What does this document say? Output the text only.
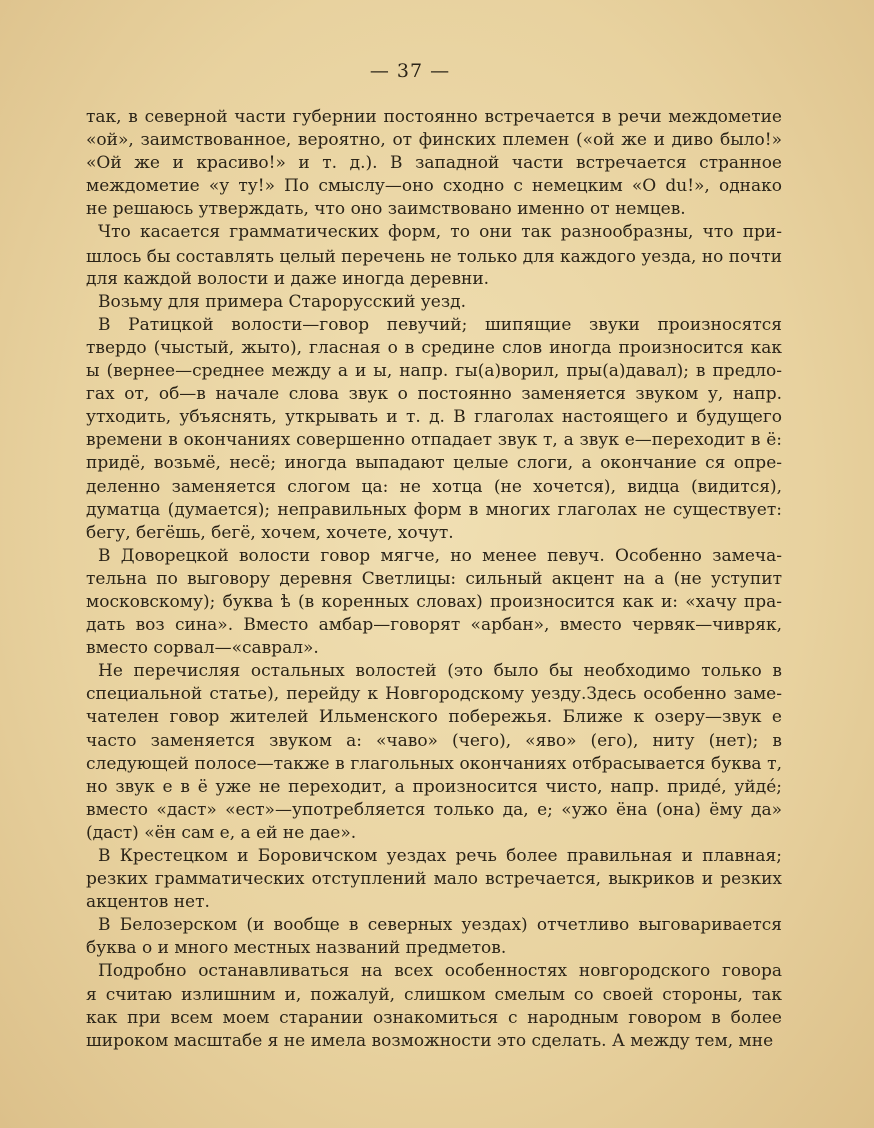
— 37 —
так, в северной части губернии постоянно встречается в речи междометие
«ой», заимствованное, вероятно, от финских племен («ой же и диво было!»
«Ой же и красиво!» и т. д.). В западной части встречается странное
междометие «у ту!» По смыслу—оно сходно с немецким «O du!», однако
не решаюсь утверждать, что оно заимствовано именно от немцев.
Что касается грамматических форм, то они так разнообразны, что при-
шлось бы составлять целый перечень не только для каждого уезда, но почти
для каждой волости и даже иногда деревни.
Возьму для примера Старорусский уезд.
В Ратицкой волости—говор певучий; шипящие звуки произносятся
твердо (чыстый, жыто), гласная о в средине слов иногда произносится как
ы (вернее—среднее между а и ы, напр. гы(а)ворил, пры(а)давал); в предло-
гах от, об—в начале слова звук о постоянно заменяется звуком у, напр.
утходить, убъяснять, уткрывать и т. д. В глаголах настоящего и будущего
времени в окончаниях совершенно отпадает звук т, а звук е—переходит в ё:
придё, возьмё, несё; иногда выпадают целые слоги, а окончание ся опре-
деленно заменяется слогом ца: не хотца (не хочется), видца (видится),
думатца (думается); неправильных форм в многих глаголах не существует:
бегу, бегёшь, бегё, хочем, хочете, хочут.
В Доворецкой волости говор мягче, но менее певуч. Особенно замеча-
тельна по выговору деревня Светлицы: сильный акцент на а (не уступит
московскому); буква ѣ (в коренных словах) произносится как и: «хачу пра-
дать воз сина». Вместо амбар—говорят «арбан», вместо червяк—чивряк,
вместо сорвал—«саврал».
Не перечисляя остальных волостей (это было бы необходимо только в
специальной статье), перейду к Новгородскому уезду.Здесь особенно заме-
чателен говор жителей Ильменского побережья. Ближе к озеру—звук е
часто заменяется звуком а: «чаво» (чего), «яво» (его), ниту (нет); в
следующей полосе—также в глагольных окончаниях отбрасывается буква т,
но звук е в ё уже не переходит, а произносится чисто, напр. придé, уйдé;
вместо «даст» «ест»—употребляется только да, е; «ужо ёна (она) ёму да»
(даст) «ён сам е, а ей не дае».
В Крестецком и Боровичском уездах речь более правильная и плавная;
резких грамматических отступлений мало встречается, выкриков и резких
акцентов нет.
В Белозерском (и вообще в северных уездах) отчетливо выговаривается
буква о и много местных названий предметов.
Подробно останавливаться на всех особенностях новгородского говора
я считаю излишним и, пожалуй, слишком смелым со своей стороны, так
как при всем моем старании ознакомиться с народным говором в более
широком масштабе я не имела возможности это сделать. А между тем, мне
